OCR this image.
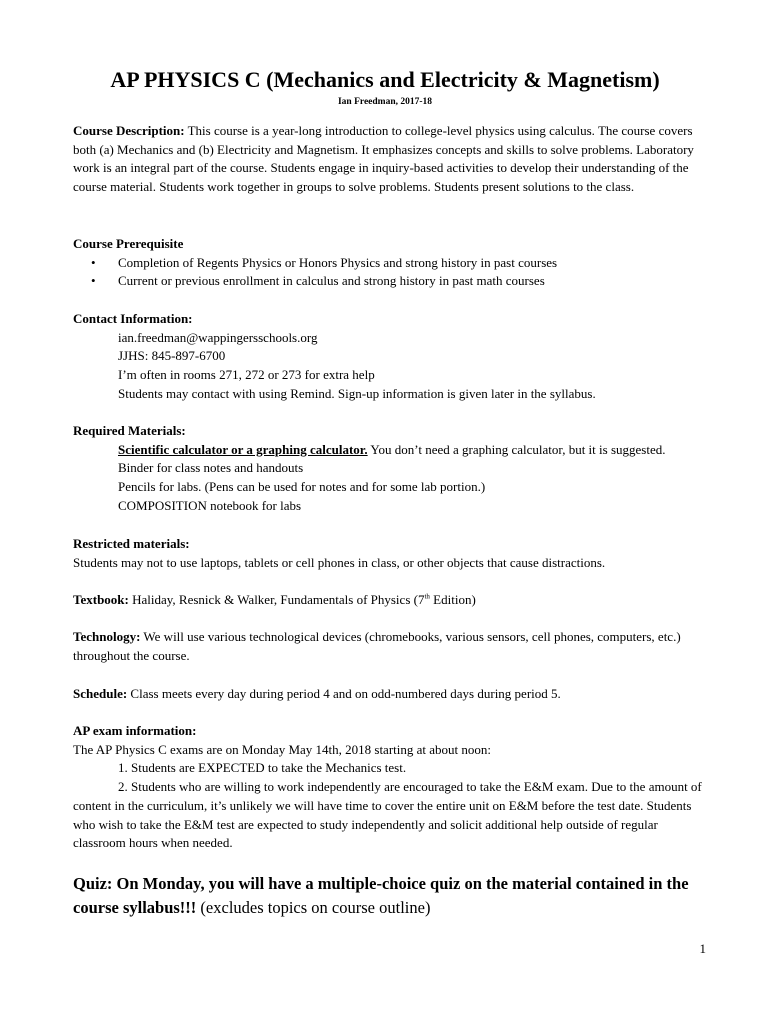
AP PHYSICS C (Mechanics and Electricity & Magnetism)
Ian Freedman, 2017-18
Course Description: This course is a year-long introduction to college-level physics using calculus. The course covers both (a) Mechanics and (b) Electricity and Magnetism. It emphasizes concepts and skills to solve problems. Laboratory work is an integral part of the course. Students engage in inquiry-based activities to develop their understanding of the course material. Students work together in groups to solve problems. Students present solutions to the class.
Course Prerequisite
• Completion of Regents Physics or Honors Physics and strong history in past courses
• Current or previous enrollment in calculus and strong history in past math courses
Contact Information:
ian.freedman@wappingersschools.org
JJHS: 845-897-6700
I’m often in rooms 271, 272 or 273 for extra help
Students may contact with using Remind. Sign-up information is given later in the syllabus.
Required Materials:
Scientific calculator or a graphing calculator. You don’t need a graphing calculator, but it is suggested.
Binder for class notes and handouts
Pencils for labs. (Pens can be used for notes and for some lab portion.)
COMPOSITION notebook for labs
Restricted materials:
Students may not to use laptops, tablets or cell phones in class, or other objects that cause distractions.
Textbook: Haliday, Resnick & Walker, Fundamentals of Physics (7th Edition)
Technology: We will use various technological devices (chromebooks, various sensors, cell phones, computers, etc.) throughout the course.
Schedule: Class meets every day during period 4 and on odd-numbered days during period 5.
AP exam information:
The AP Physics C exams are on Monday May 14th, 2018 starting at about noon:
1. Students are EXPECTED to take the Mechanics test.
2. Students who are willing to work independently are encouraged to take the E&M exam. Due to the amount of content in the curriculum, it’s unlikely we will have time to cover the entire unit on E&M before the test date. Students who wish to take the E&M test are expected to study independently and solicit additional help outside of regular classroom hours when needed.
Quiz: On Monday, you will have a multiple-choice quiz on the material contained in the course syllabus!!! (excludes topics on course outline)
1
